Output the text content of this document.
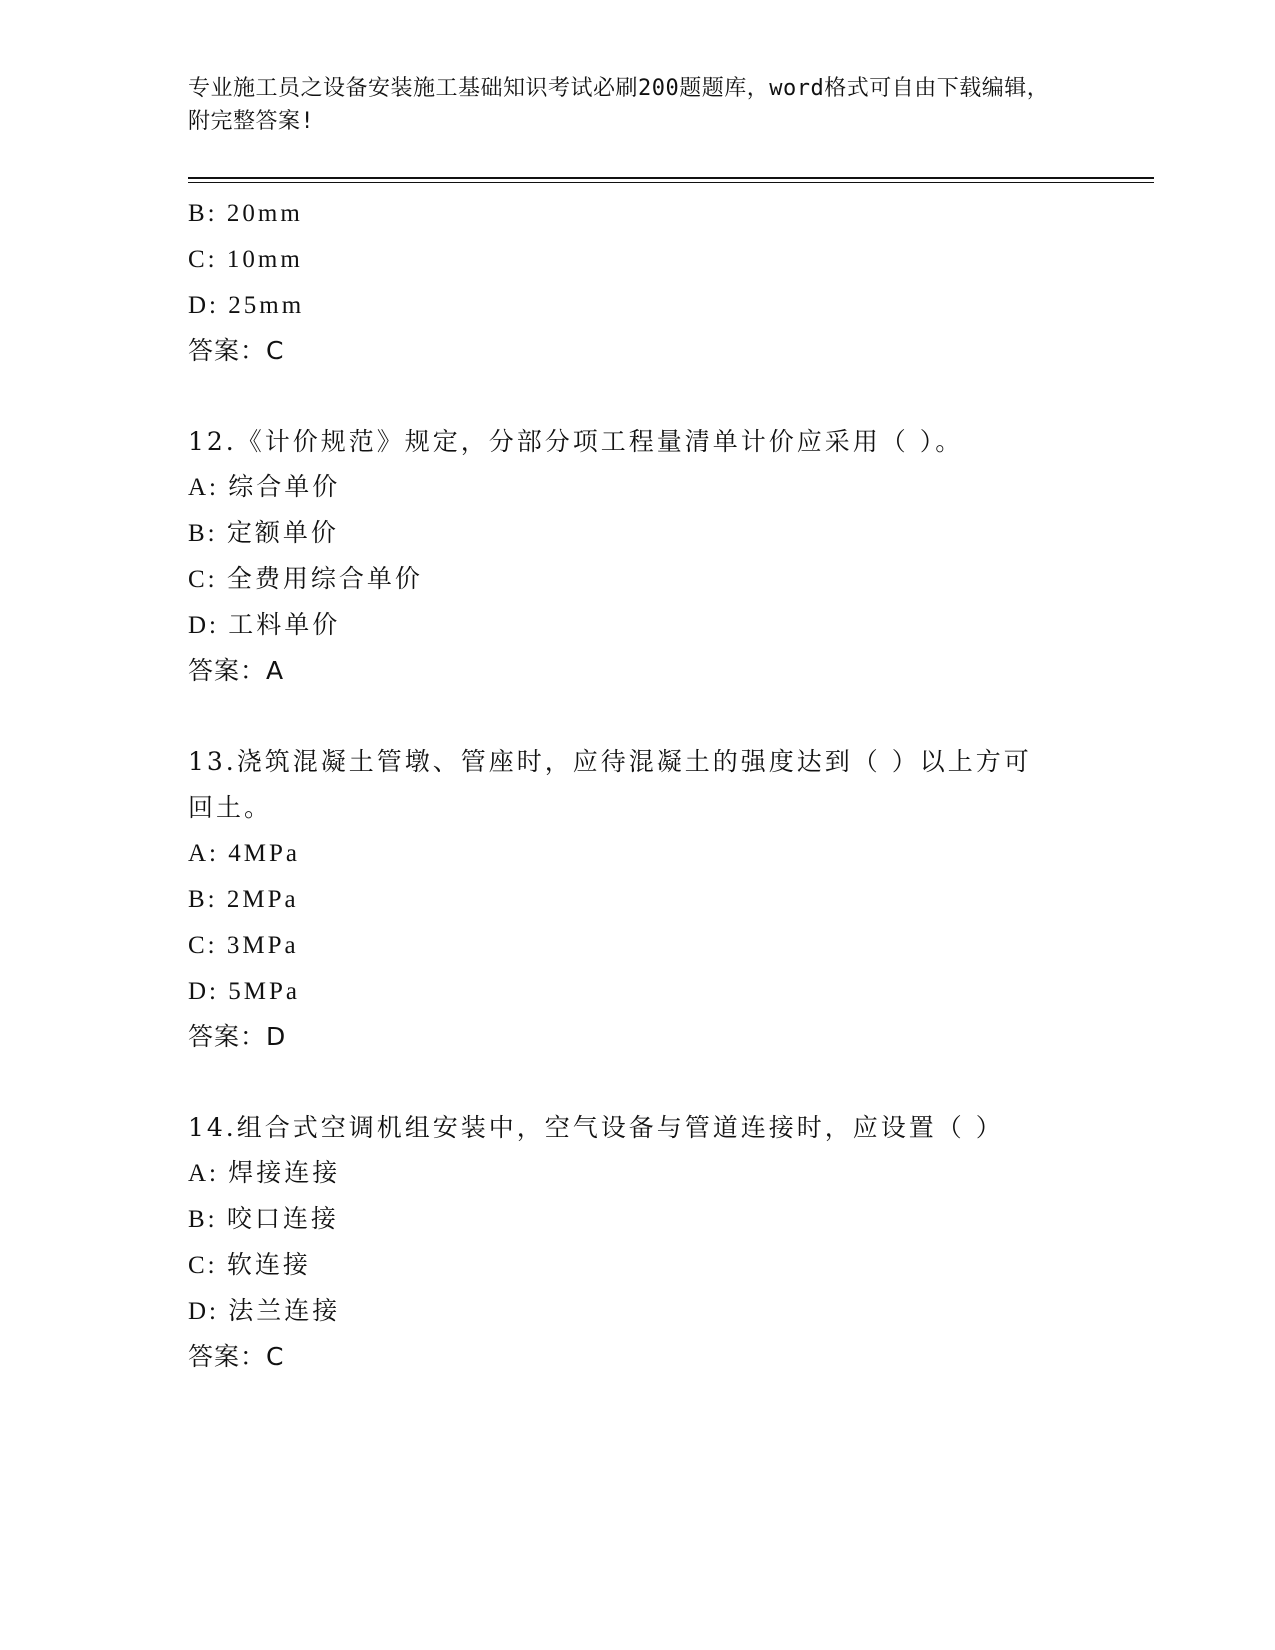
专业施工员之设备安装施工基础知识考试必刷200题题库，word格式可自由下载编辑，附完整答案!
B: 20mm
C: 10mm
D: 25mm
答案：C
12.《计价规范》规定，分部分项工程量清单计价应采用（ ）。
A: 综合单价
B: 定额单价
C: 全费用综合单价
D: 工料单价
答案：A
13.浇筑混凝土管墩、管座时，应待混凝土的强度达到（ ）以上方可
回土。
A: 4MPa
B: 2MPa
C: 3MPa
D: 5MPa
答案：D
14.组合式空调机组安装中，空气设备与管道连接时，应设置（ ）
A: 焊接连接
B: 咬口连接
C: 软连接
D: 法兰连接
答案：C
